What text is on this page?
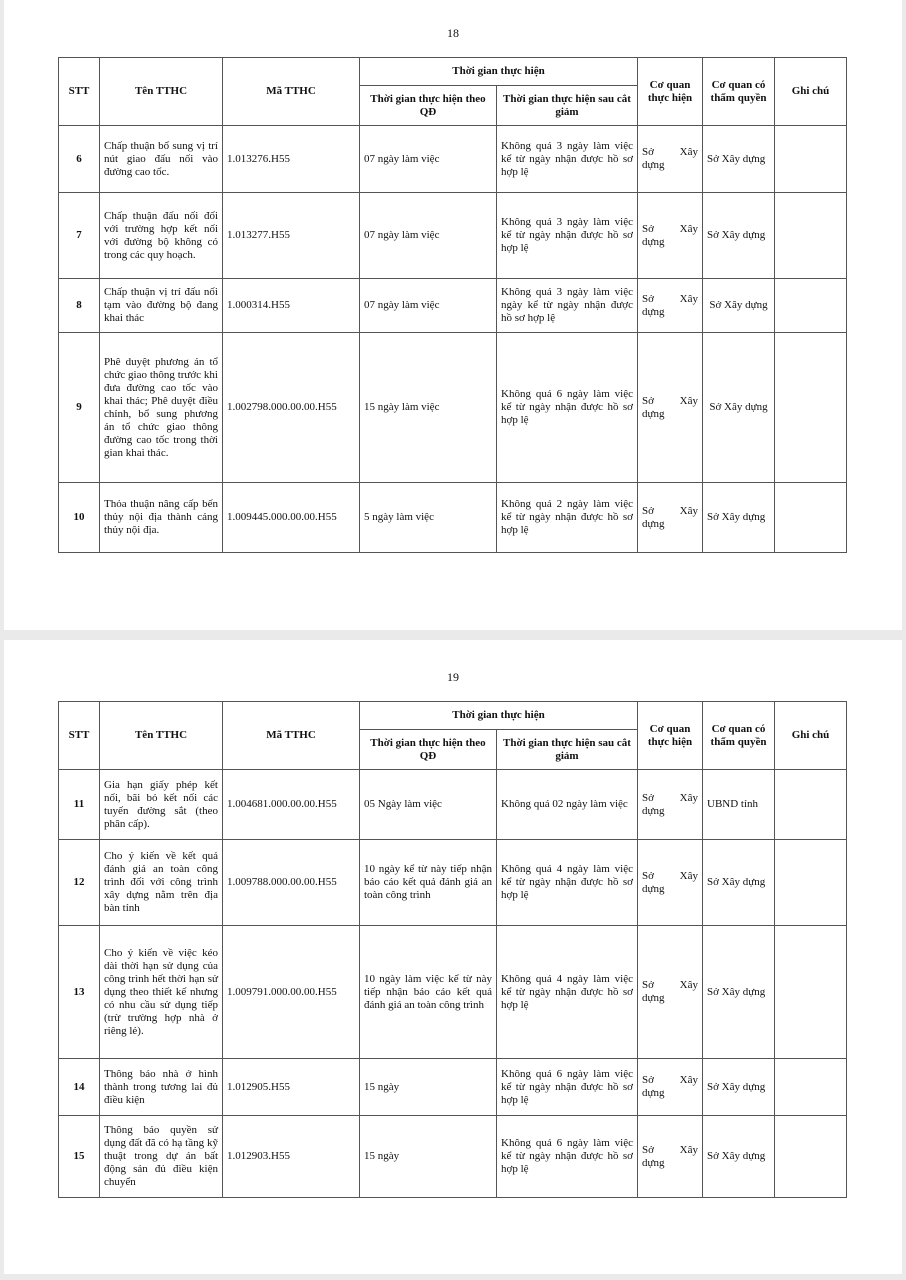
18
STT	Tên TTHC	Mã TTHC	Thời gian thực hiện		Cơ quan thực hiện	Cơ quan có thẩm quyền	Ghi chú
			Thời gian thực hiện theo QĐ	Thời gian thực hiện sau cắt giảm			
6	Chấp thuận bổ sung vị trí nút giao đấu nối vào đường cao tốc.	1.013276.H55	07 ngày làm việc	Không quá 3 ngày làm việc kể từ ngày nhận được hồ sơ hợp lệ	Sở Xây dựng	Sở Xây dựng	
7	Chấp thuận đấu nối đối với trường hợp kết nối với đường bộ không có trong các quy hoạch.	1.013277.H55	07 ngày làm việc	Không quá 3 ngày làm việc kể từ ngày nhận được hồ sơ hợp lệ	Sở Xây dựng	Sở Xây dựng	
8	Chấp thuận vị trí đấu nối tạm vào đường bộ đang khai thác	1.000314.H55	07 ngày làm việc	Không quá 3 ngày làm việc ngày kể từ ngày nhận được hồ sơ hợp lệ	Sở Xây dựng	Sở Xây dựng	
9	Phê duyệt phương án tổ chức giao thông trước khi đưa đường cao tốc vào khai thác; Phê duyệt điều chỉnh, bổ sung phương án tổ chức giao thông đường cao tốc trong thời gian khai thác.	1.002798.000.00.00.H55	15 ngày làm việc	Không quá 6 ngày làm việc kể từ ngày nhận được hồ sơ hợp lệ	Sở Xây dựng	Sở Xây dựng	
10	Thỏa thuận nâng cấp bến thủy nội địa thành cảng thủy nội địa.	1.009445.000.00.00.H55	5 ngày làm việc	Không quá 2 ngày làm việc kể từ ngày nhận được hồ sơ hợp lệ	Sở Xây dựng	Sở Xây dựng	
19
STT	Tên TTHC	Mã TTHC	Thời gian thực hiện		Cơ quan thực hiện	Cơ quan có thẩm quyền	Ghi chú
			Thời gian thực hiện theo QĐ	Thời gian thực hiện sau cắt giảm			
11	Gia hạn giấy phép kết nối, bãi bỏ kết nối các tuyến đường sắt (theo phân cấp).	1.004681.000.00.00.H55	05 Ngày làm việc	Không quá 02 ngày làm việc	Sở Xây dựng	UBND tỉnh	
12	Cho ý kiến về kết quả đánh giá an toàn công trình đối với công trình xây dựng nằm trên địa bàn tỉnh	1.009788.000.00.00.H55	10 ngày kể từ này tiếp nhận báo cáo kết quả đánh giá an toàn công trình	Không quá 4 ngày làm việc kể từ ngày nhận được hồ sơ hợp lệ	Sở Xây dựng	Sở Xây dựng	
13	Cho ý kiến về việc kéo dài thời hạn sử dụng của công trình hết thời hạn sử dụng theo thiết kế nhưng có nhu cầu sử dụng tiếp (trừ trường hợp nhà ở riêng lẻ).	1.009791.000.00.00.H55	10 ngày làm việc kể từ này tiếp nhận báo cáo kết quả đánh giá an toàn công trình	Không quá 4 ngày làm việc kể từ ngày nhận được hồ sơ hợp lệ	Sở Xây dựng	Sở Xây dựng	
14	Thông báo nhà ở hình thành trong tương lai đủ điều kiện	1.012905.H55	15 ngày	Không quá 6 ngày làm việc kể từ ngày nhận được hồ sơ hợp lệ	Sở Xây dựng	Sở Xây dựng	
15	Thông báo quyền sử dụng đất đã có hạ tầng kỹ thuật trong dự án bất động sản đủ điều kiện chuyển	1.012903.H55	15 ngày	Không quá 6 ngày làm việc kể từ ngày nhận được hồ sơ hợp lệ	Sở Xây dựng	Sở Xây dựng	
